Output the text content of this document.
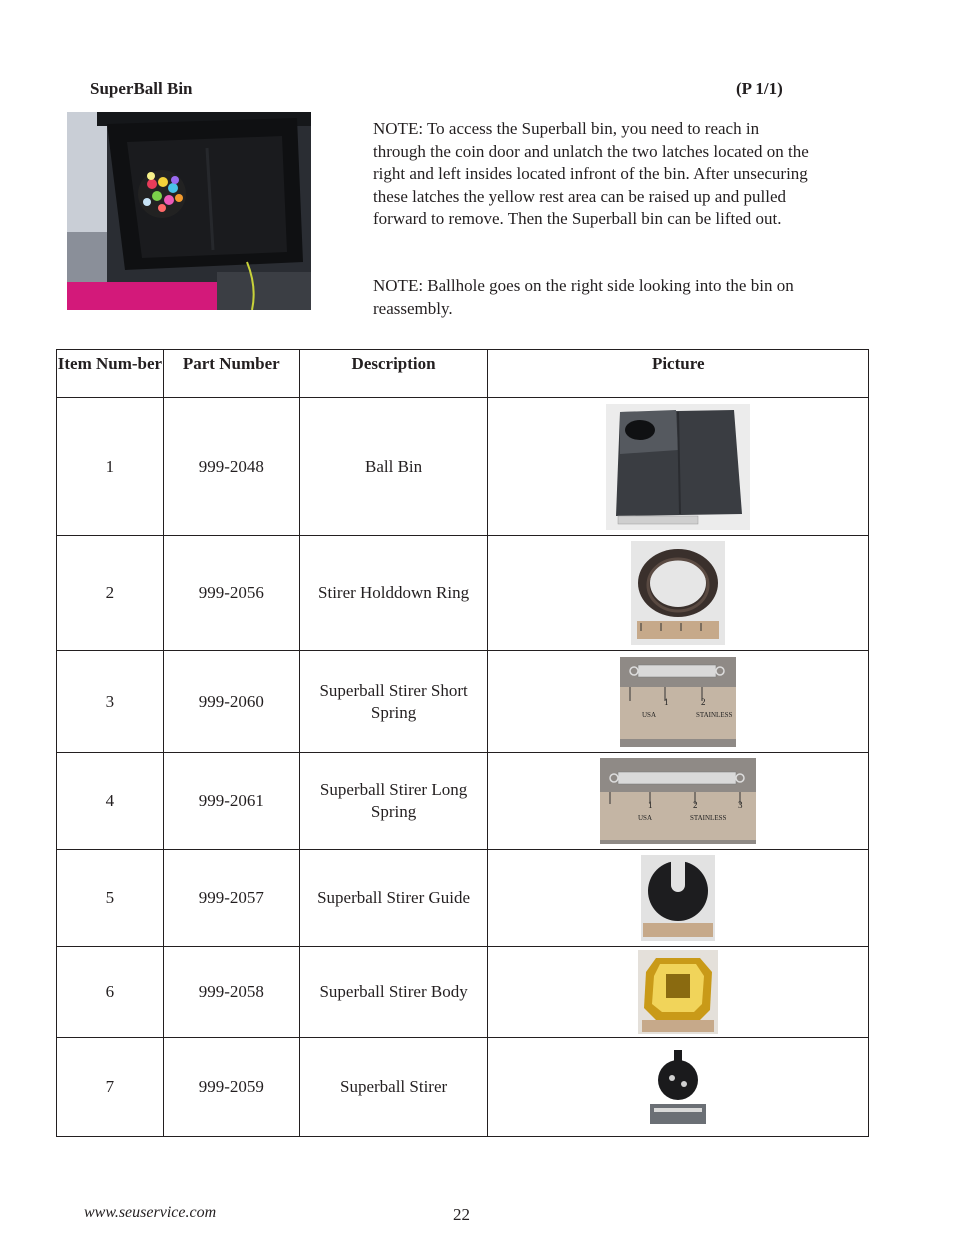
SuperBall Bin	(P 1/1)
NOTE: To access the Superball bin, you need to reach in through the coin door and unlatch the two latches located on the right and left insides located infront of the bin. After unsecuring these latches the yellow rest area can be raised up and pulled forward to remove. Then the Superball bin can be lifted out.
NOTE: Ballhole goes on the right side looking into the bin on reassembly.
Item Num-ber	Part Number	Description	Picture
1	999-2048	Ball Bin	

2	999-2056	Stirer Holddown Ring	

3	999-2060	Superball Stirer Short Spring	1 2
USA STAINLESS

4	999-2061	Superball Stirer Long Spring	1 2 3
USA STAINLESS

5	999-2057	Superball Stirer Guide	

6	999-2058	Superball Stirer Body	

7	999-2059	Superball Stirer	
www.seuservice.com	22
